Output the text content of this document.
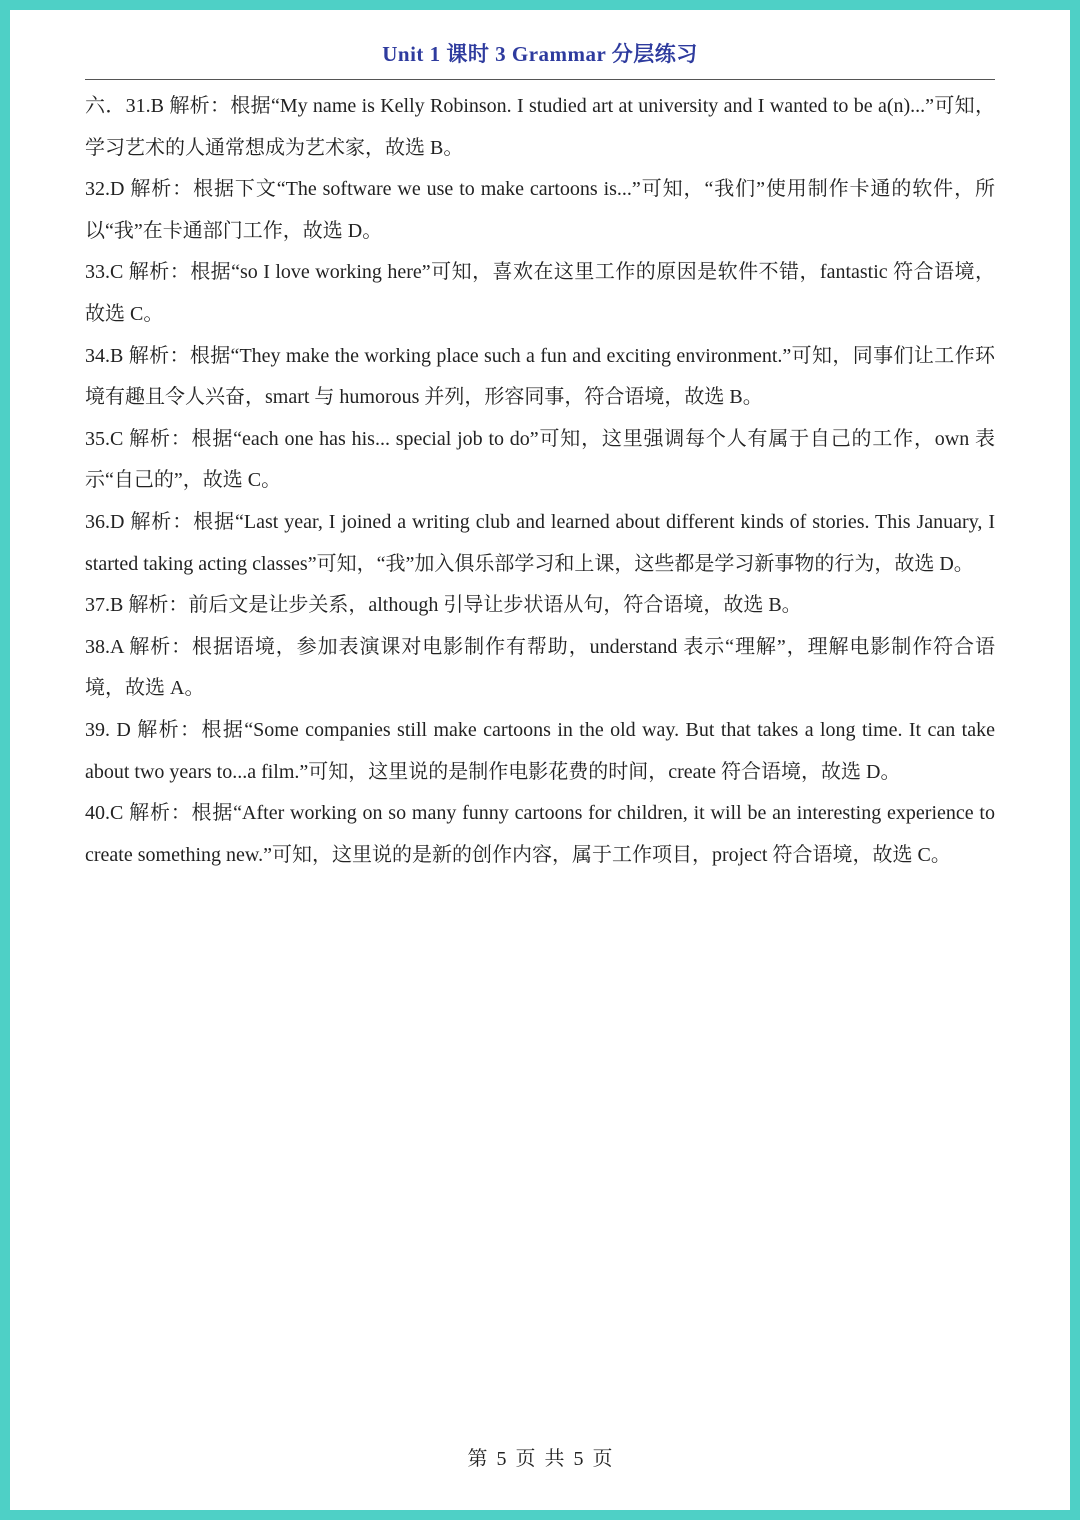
Unit 1 课时 3 Grammar 分层练习

六．31.B 解析：根据“My name is Kelly Robinson. I studied art at university and I wanted to be a(n)...”可知，学习艺术的人通常想成为艺术家，故选 B。

32.D 解析：根据下文“The software we use to make cartoons is...”可知，“我们”使用制作卡通的软件，所以“我”在卡通部门工作，故选 D。

33.C 解析：根据“so I love working here”可知，喜欢在这里工作的原因是软件不错，fantastic 符合语境，故选 C。

34.B 解析：根据“They make the working place such a fun and exciting environment.”可知，同事们让工作环境有趣且令人兴奋，smart 与 humorous 并列，形容同事，符合语境，故选 B。

35.C 解析：根据“each one has his... special job to do”可知，这里强调每个人有属于自己的工作，own 表示“自己的”，故选 C。

36.D 解析：根据“Last year, I joined a writing club and learned about different kinds of stories. This January, I started taking acting classes”可知，“我”加入俱乐部学习和上课，这些都是学习新事物的行为，故选 D。

37.B 解析：前后文是让步关系，although 引导让步状语从句，符合语境，故选 B。

38.A 解析：根据语境，参加表演课对电影制作有帮助，understand 表示“理解”，理解电影制作符合语境，故选 A。

39. D 解析：根据“Some companies still make cartoons in the old way. But that takes a long time. It can take about two years to...a film.”可知，这里说的是制作电影花费的时间，create 符合语境，故选 D。

40.C 解析：根据“After working on so many funny cartoons for children, it will be an interesting experience to create something new.”可知，这里说的是新的创作内容，属于工作项目，project 符合语境，故选 C。

第 5 页 共 5 页
